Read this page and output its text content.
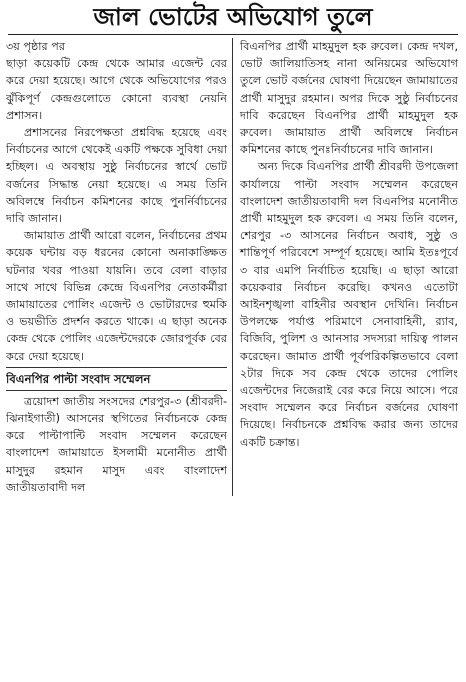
জাল ভোটের অভিযোগ তুলে

৩য় পৃষ্ঠার পর

ছাড়া কয়েকটি কেন্দ্র থেকে আমার এজেন্ট বের করে দেয়া হয়েছে। আগে থেকে অভিযোগের পরও ঝুঁকিপূর্ণ কেন্দ্রগুলোতে কোনো ব্যবস্থা নেয়নি প্রশাসন।

প্রশাসনের নিরপেক্ষতা প্রশ্নবিদ্ধ হয়েছে এবং নির্বাচনের আগে থেকেই একটি পক্ষকে সুবিধা দেয়া হচ্ছিল। এ অবস্থায় সুষ্ঠু নির্বাচনের স্বার্থে ভোট বর্জনের সিদ্ধান্ত নেয়া হয়েছে। এ সময় তিনি অবিলম্বে নির্বাচন কমিশনের কাছে পুনর্নির্বাচনের দাবি জানান।

জামায়াত প্রার্থী আরো বলেন, নির্বাচনের প্রথম কয়েক ঘন্টায় বড় ধরনের কোনো অনাকাঙ্ক্ষিত ঘটনার খবর পাওয়া যায়নি। তবে বেলা বাড়ার সাথে সাথে বিভিন্ন কেন্দ্রে বিএনপির নেতাকর্মীরা জামায়াতের পোলিং এজেন্ট ও ভোটারদের হুমকি ও ভয়ভীতি প্রদর্শন করতে থাকে। এ ছাড়া অনেক কেন্দ্র থেকে পোলিং এজেন্টদেরকে জোরপূর্বক বের করে দেয়া হয়েছে।

বিএনপির পাল্টা সংবাদ সম্মেলন

ত্রয়োদশ জাতীয় সংসদের শেরপুর-৩ (শ্রীবরদী-ঝিনাইগাতী) আসনের স্থগিতের নির্বাচনকে কেন্দ্র করে পাল্টাপাল্টি সংবাদ সম্মেলন করেছেন বাংলাদেশ জামায়াতে ইসলামী মনোনীত প্রার্থী মাসুদুর রহমান মাসুদ এবং বাংলাদেশ জাতীয়তাবাদী দল

বিএনপির প্রার্থী মাহমুদুল হক রুবেল। কেন্দ্র দখল, ভোট জালিয়াতিসহ নানা অনিয়মের অভিযোগ তুলে ভোট বর্জনের ঘোষণা দিয়েছেন জামায়াতের প্রার্থী মাসুদুর রহমান। অপর দিকে সুষ্ঠু নির্বাচনের দাবি করেছেন বিএনপির প্রার্থী মাহমুদুল হক রুবেল। জামায়াত প্রার্থী অবিলম্বে নির্বাচন কমিশনের কাছে পুনঃনির্বাচনের দাবি জানান।

অন্য দিকে বিএনপির প্রার্থী শ্রীবরদী উপজেলা কার্যালয়ে পাল্টা সংবাদ সম্মেলন করেছেন বাংলাদেশ জাতীয়তাবাদী দল বিএনপির মনোনীত প্রার্থী মাহমুদুল হক রুবেল। এ সময় তিনি বলেন, শেরপুর -৩ আসনের নির্বাচন অবাধ, সুষ্ঠু ও শান্তিপূর্ণ পরিবেশে সম্পূর্ণ হয়েছে। আমি ইতঃপূর্বে ৩ বার এমপি নির্বাচিত হয়েছি। এ ছাড়া আরো কয়েকবার নির্বাচন করেছি। কখনও এতোটা আইনশৃঙ্খলা বাহিনীর অবস্থান দেখিনি। নির্বাচন উপলক্ষে পর্যাপ্ত পরিমাণে সেনাবাহিনী, র‌্যাব, বিজিবি, পুলিশ ও আনসার সদস্যরা দায়িত্ব পালন করেছেন। জামাত প্রার্থী পূর্বপরিকল্পিতভাবে বেলা ২টার দিকে সব কেন্দ্র থেকে তাদের পোলিং এজেন্টদের নিজেরাই বের করে নিয়ে আসে। পরে সংবাদ সম্মেলন করে নির্বাচন বর্জনের ঘোষণা দিয়েছে। নির্বাচনকে প্রশ্নবিদ্ধ করার জন্য তাদের একটি চক্রান্ত।
